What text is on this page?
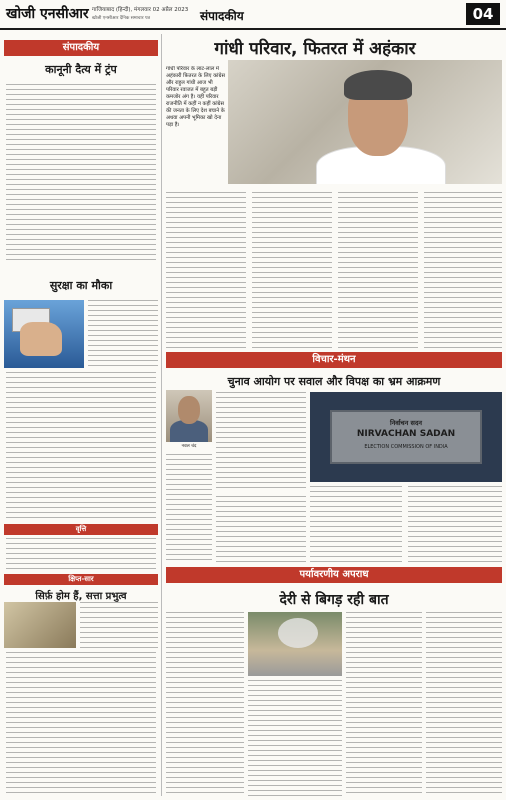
खोजी एनसीआर गाजियाबाद (हिन्दी), मंगलवार 02 अप्रैल 2023
खोजी एनसीआर दैनिक समाचार पत्र	संपादकीय	04
संपादकीय
कानूनी दैत्य में ट्रंप
सुरक्षा का मौका
वृत्ति
क्षिप्त-सार
सिर्फ़ होम हैं, सत्ता प्रभुत्व
गांधी परिवार, फितरत में अहंकार
गांधी परिवार के लाट-लाल में अहंकारी फ़ितरत के लिए कांग्रेस और राहुल गांधी आज भी परिवार रवाजत में बहुत बड़ी कमजोर अंग है। यही परिवार राजनीति में कहीं न कहीं कांग्रेस की जनता के लिए देश बचाने के अथवा अपनी भूमिका खो देना पड़ा है।
विचार-मंथन
चुनाव आयोग पर सवाल और विपक्ष का भ्रम आक्रमण
नवल चंद
निर्वाचन सदन
NIRVACHAN SADAN
ELECTION COMMISSION OF INDIA
पर्यावरणीय अपराध
देरी से बिगड़ रही बात
